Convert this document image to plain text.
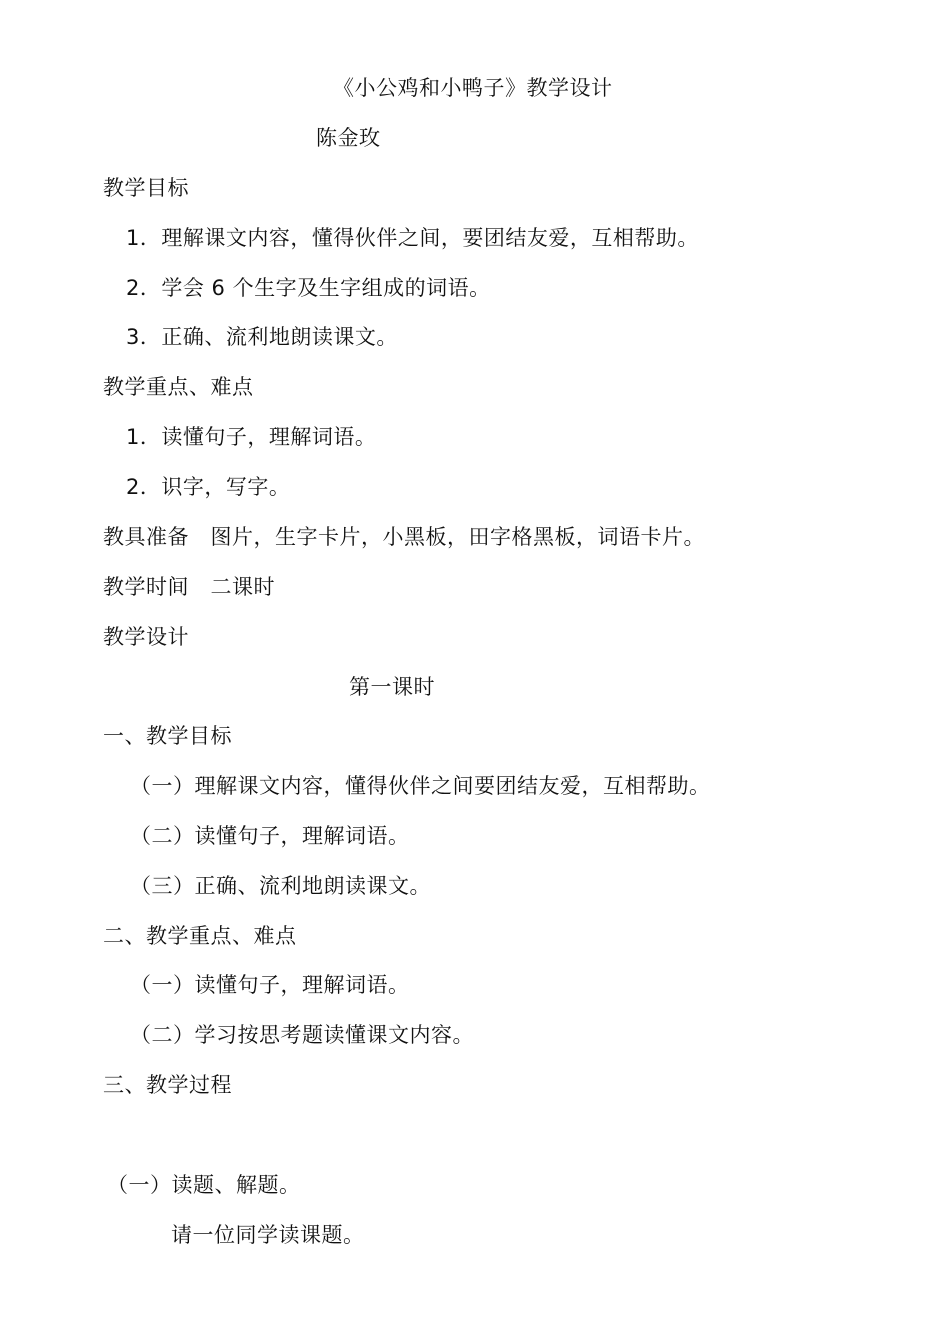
《小公鸡和小鸭子》教学设计
陈金玫
教学目标
1．理解课文内容，懂得伙伴之间，要团结友爱，互相帮助。
2．学会 6 个生字及生字组成的词语。
3．正确、流利地朗读课文。
教学重点、难点
1．读懂句子，理解词语。
2．识字，写字。
教具准备　图片，生字卡片，小黑板，田字格黑板，词语卡片。
教学时间　二课时
教学设计
第一课时
一、教学目标
（一）理解课文内容，懂得伙伴之间要团结友爱，互相帮助。
（二）读懂句子，理解词语。
（三）正确、流利地朗读课文。
二、教学重点、难点
（一）读懂句子，理解词语。
（二）学习按思考题读懂课文内容。
三、教学过程
（一）读题、解题。
请一位同学读课题。
